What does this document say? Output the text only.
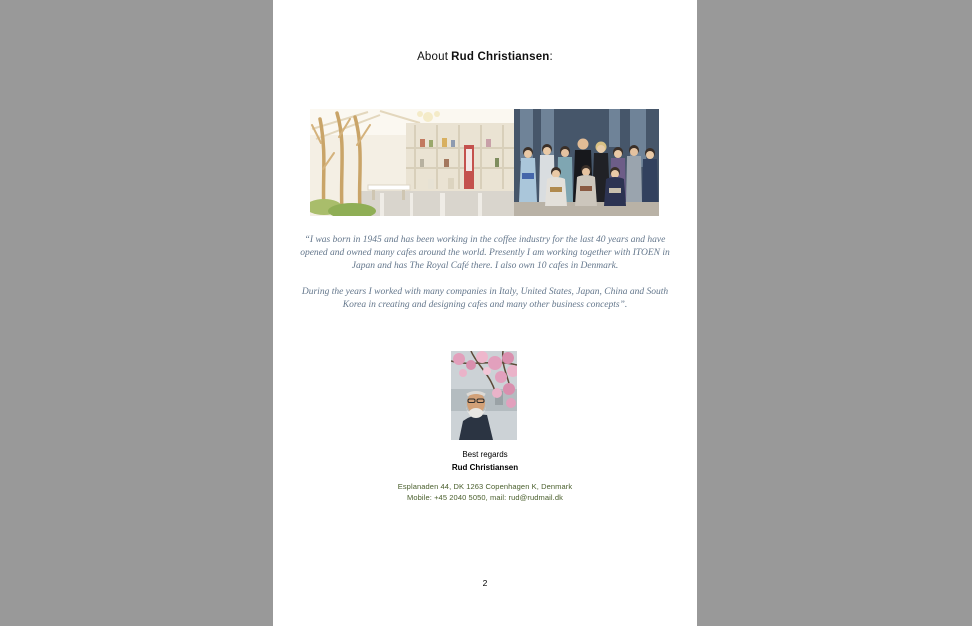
About Rud Christiansen:

“I was born in 1945 and has been working in the coffee industry for the last 40 years and have opened and owned many cafes around the world. Presently I am working together with ITOEN in Japan and has The Royal Café there. I also own 10 cafes in Denmark.

During the years I worked with many companies in Italy, United States, Japan, China and South Korea in creating and designing cafes and many other business concepts”.

Best regards
Rud Christiansen
Esplanaden 44, DK 1263 Copenhagen K, Denmark
Mobile: +45 2040 5050, mail: rud@rudmail.dk
2
